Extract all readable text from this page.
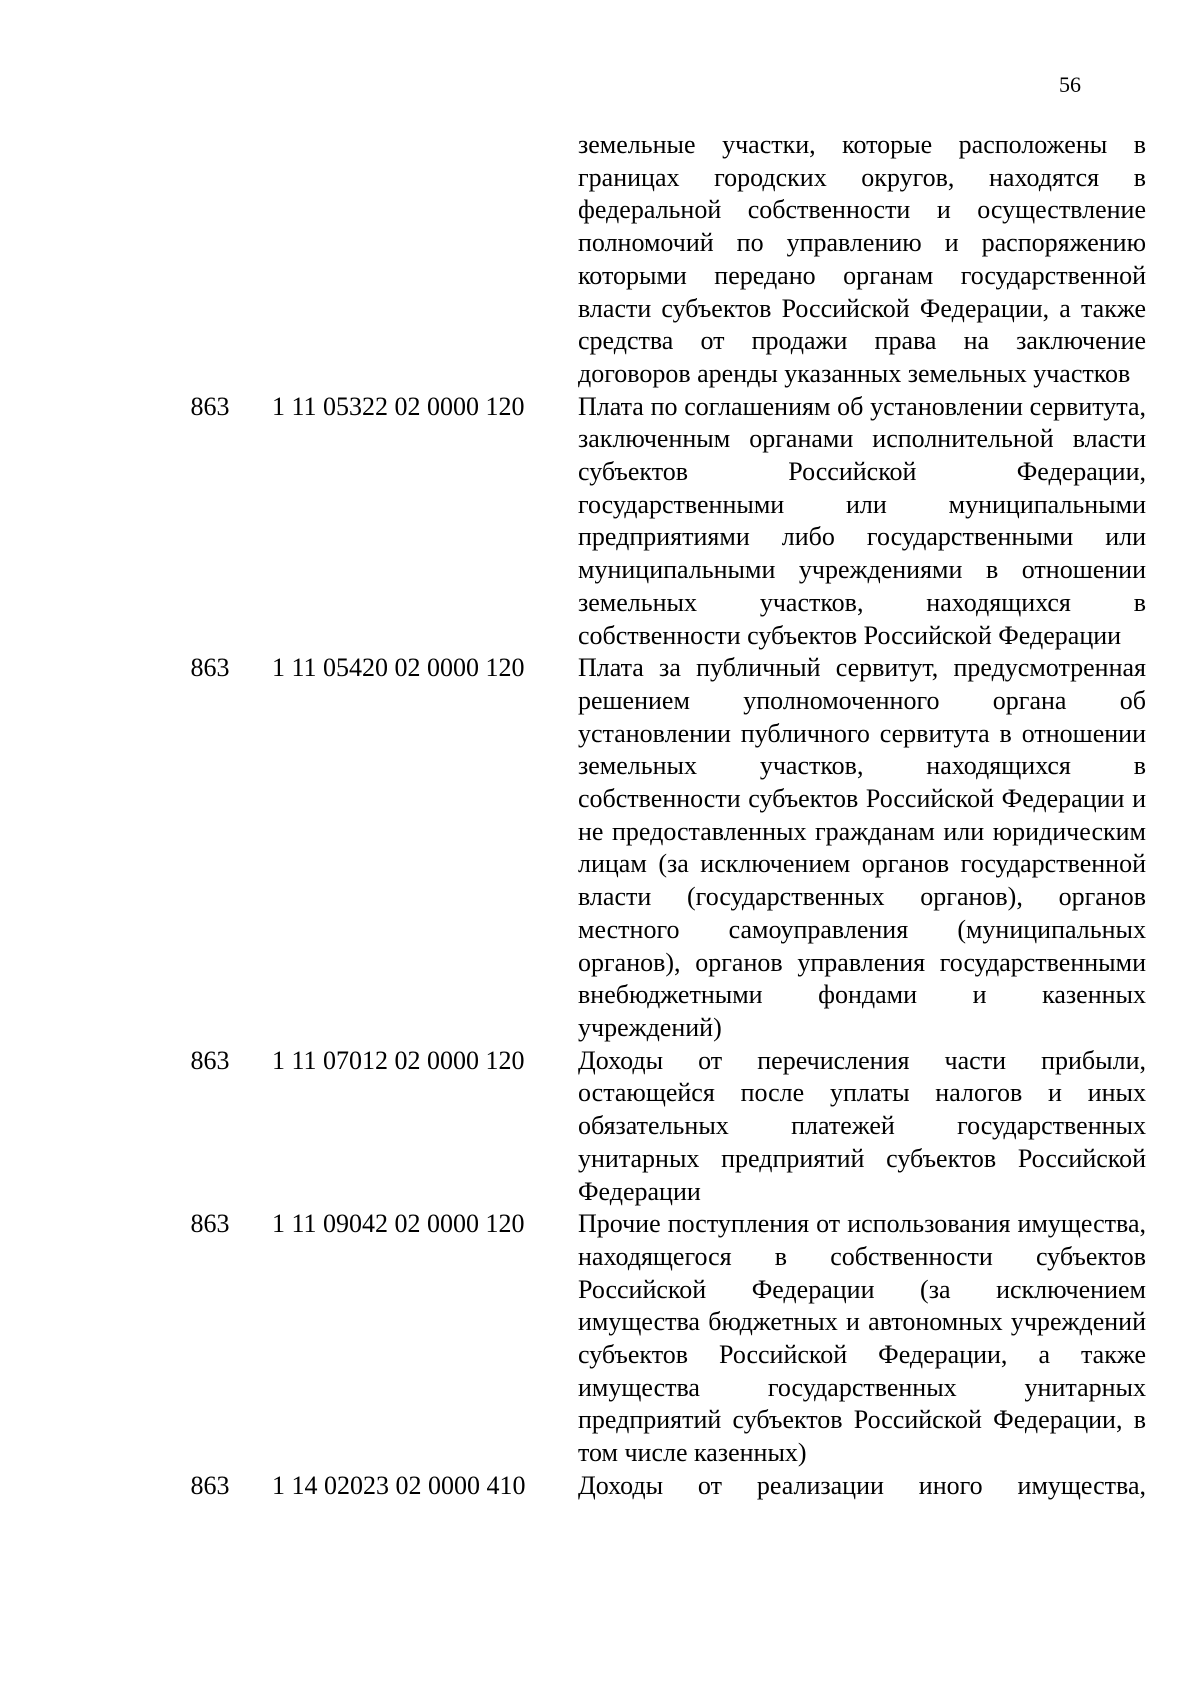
56
земельные участки, которые расположены в границах городских округов, находятся в федеральной собственности и осуществление полномочий по управлению и распоряжению которыми передано органам государственной власти субъектов Российской Федерации, а также средства от продажи права на заключение договоров аренды указанных земельных участков
863	1 11 05322 02 0000 120	Плата по соглашениям об установлении сервитута, заключенным органами исполнительной власти субъектов Российской Федерации, государственными или муниципальными предприятиями либо государственными или муниципальными учреждениями в отношении земельных участков, находящихся в собственности субъектов Российской Федерации
863	1 11 05420 02 0000 120	Плата за публичный сервитут, предусмотренная решением уполномоченного органа об установлении публичного сервитута в отношении земельных участков, находящихся в собственности субъектов Российской Федерации и не предоставленных гражданам или юридическим лицам (за исключением органов государственной власти (государственных органов), органов местного самоуправления (муниципальных органов), органов управления государственными внебюджетными фондами и казенных учреждений)
863	1 11 07012 02 0000 120	Доходы от перечисления части прибыли, остающейся после уплаты налогов и иных обязательных платежей государственных унитарных предприятий субъектов Российской Федерации
863	1 11 09042 02 0000 120	Прочие поступления от использования имущества, находящегося в собственности субъектов Российской Федерации (за исключением имущества бюджетных и автономных учреждений субъектов Российской Федерации, а также имущества государственных унитарных предприятий субъектов Российской Федерации, в том числе казенных)
863	1 14 02023 02 0000 410	Доходы от реализации иного имущества,
